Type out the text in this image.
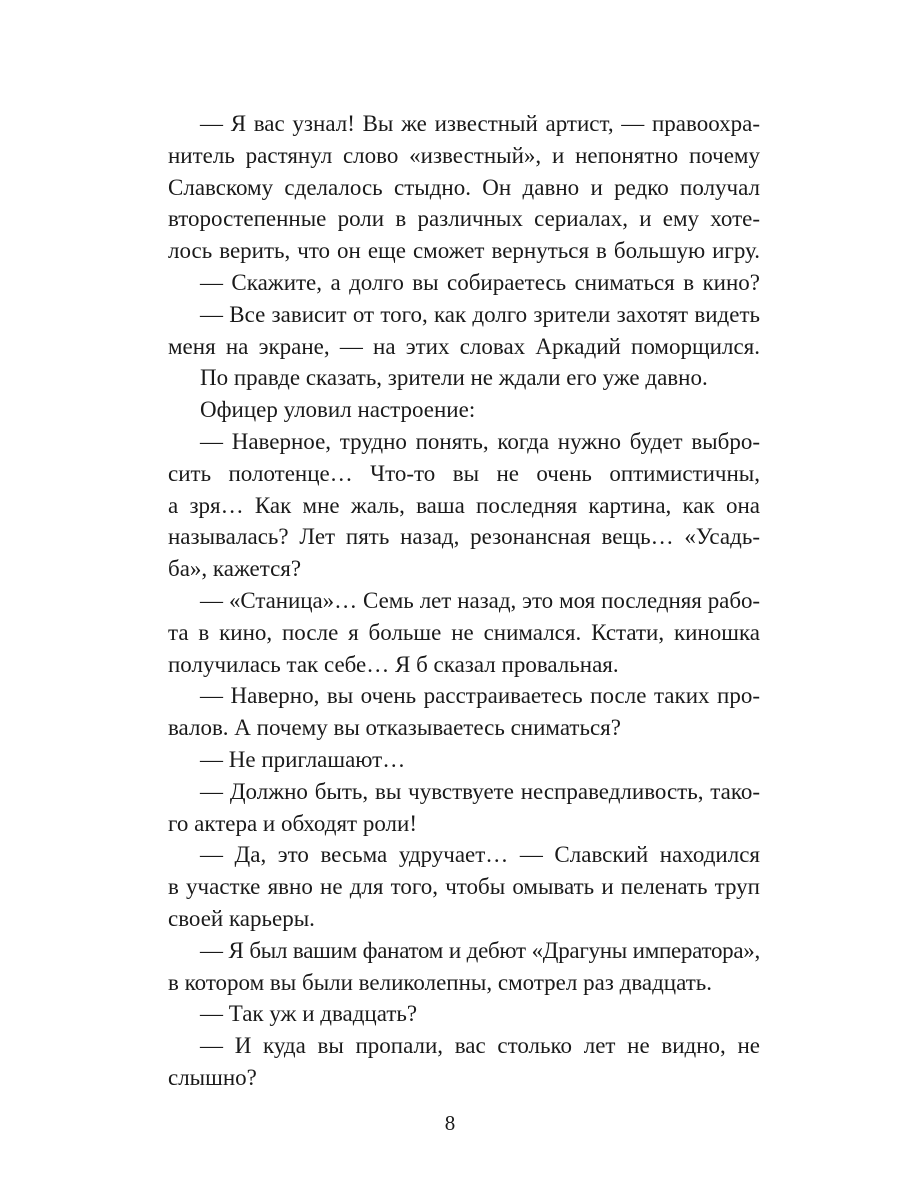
— Я вас узнал! Вы же известный артист, — правоохра-
нитель растянул слово «известный», и непонятно почему
Славскому сделалось стыдно. Он давно и редко получал
второстепенные роли в различных сериалах, и ему хоте-
лось верить, что он еще сможет вернуться в большую игру.
— Скажите, а долго вы собираетесь сниматься в кино?
— Все зависит от того, как долго зрители захотят видеть
меня на экране, — на этих словах Аркадий поморщился.
По правде сказать, зрители не ждали его уже давно.
Офицер уловил настроение:
— Наверное, трудно понять, когда нужно будет выбро-
сить полотенце… Что-то вы не очень оптимистичны,
а зря… Как мне жаль, ваша последняя картина, как она
называлась? Лет пять назад, резонансная вещь… «Усадь-
ба», кажется?
— «Станица»… Семь лет назад, это моя последняя рабо-
та в кино, после я больше не снимался. Кстати, киношка
получилась так себе… Я б сказал провальная.
— Наверно, вы очень расстраиваетесь после таких про-
валов. А почему вы отказываетесь сниматься?
— Не приглашают…
— Должно быть, вы чувствуете несправедливость, тако-
го актера и обходят роли!
— Да, это весьма удручает… — Славский находился
в участке явно не для того, чтобы омывать и пеленать труп
своей карьеры.
— Я был вашим фанатом и дебют «Драгуны императора»,
в котором вы были великолепны, смотрел раз двадцать.
— Так уж и двадцать?
— И куда вы пропали, вас столько лет не видно, не
слышно?
8
